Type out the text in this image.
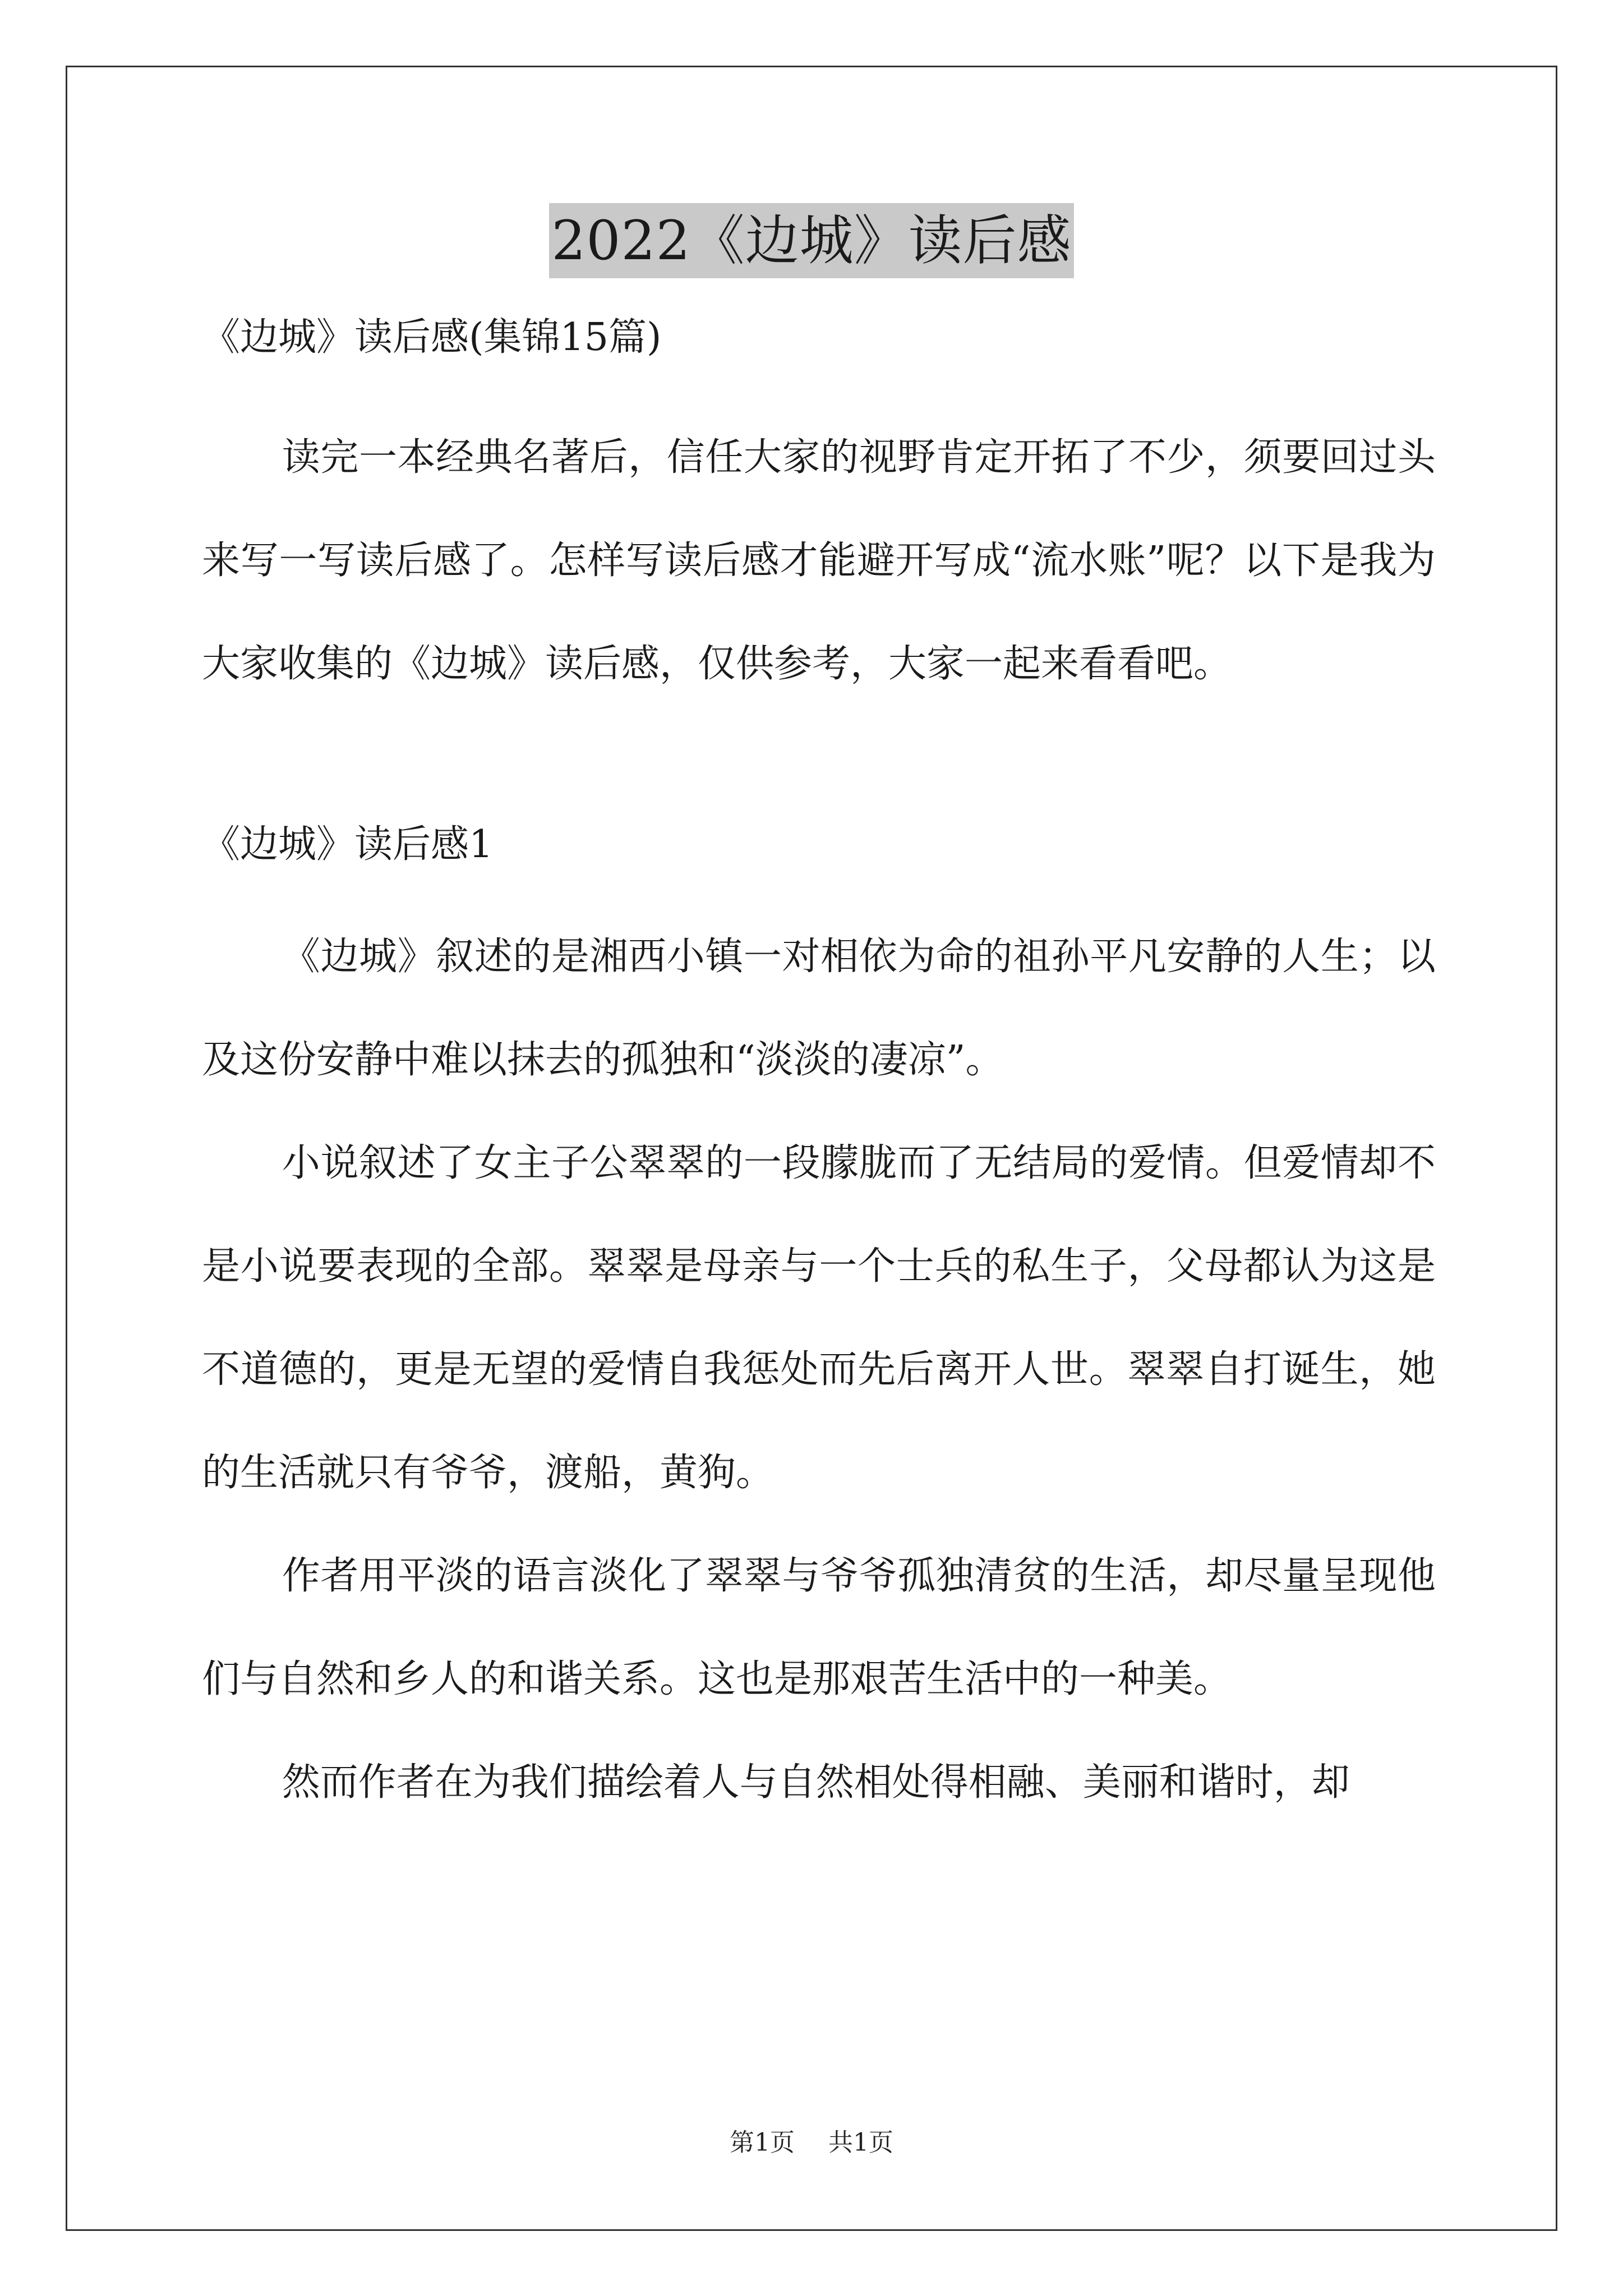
2022《边城》读后感

《边城》读后感(集锦15篇)

读完一本经典名著后，信任大家的视野肯定开拓了不少，须要回过头来写一写读后感了。怎样写读后感才能避开写成“流水账”呢？以下是我为大家收集的《边城》读后感，仅供参考，大家一起来看看吧。

《边城》读后感1

《边城》叙述的是湘西小镇一对相依为命的祖孙平凡安静的人生；以及这份安静中难以抹去的孤独和“淡淡的凄凉”。

小说叙述了女主子公翠翠的一段朦胧而了无结局的爱情。但爱情却不是小说要表现的全部。翠翠是母亲与一个士兵的私生子，父母都认为这是不道德的，更是无望的爱情自我惩处而先后离开人世。翠翠自打诞生，她的生活就只有爷爷，渡船，黄狗。

作者用平淡的语言淡化了翠翠与爷爷孤独清贫的生活，却尽量呈现他们与自然和乡人的和谐关系。这也是那艰苦生活中的一种美。

然而作者在为我们描绘着人与自然相处得相融、美丽和谐时，却

第1页 共1页
